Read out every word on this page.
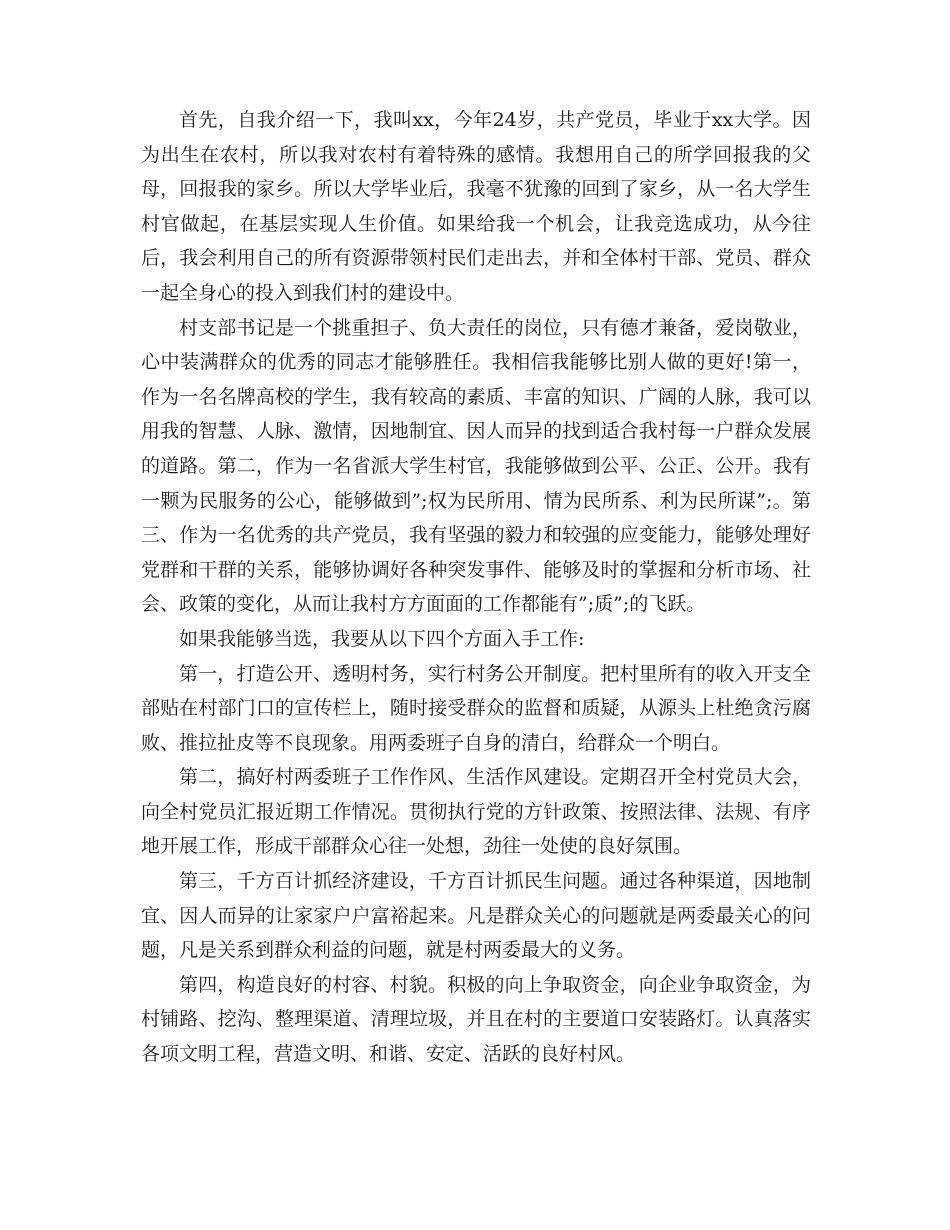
首先，自我介绍一下，我叫xx，今年24岁，共产党员，毕业于xx大学。因为出生在农村，所以我对农村有着特殊的感情。我想用自己的所学回报我的父母，回报我的家乡。所以大学毕业后，我毫不犹豫的回到了家乡，从一名大学生村官做起，在基层实现人生价值。如果给我一个机会，让我竞选成功，从今往后，我会利用自己的所有资源带领村民们走出去，并和全体村干部、党员、群众一起全身心的投入到我们村的建设中。

村支部书记是一个挑重担子、负大责任的岗位，只有德才兼备，爱岗敬业，心中装满群众的优秀的同志才能够胜任。我相信我能够比别人做的更好!第一，作为一名名牌高校的学生，我有较高的素质、丰富的知识、广阔的人脉，我可以用我的智慧、人脉、激情，因地制宜、因人而异的找到适合我村每一户群众发展的道路。第二，作为一名省派大学生村官，我能够做到公平、公正、公开。我有一颗为民服务的公心，能够做到”;权为民所用、情为民所系、利为民所谋”;。第三、作为一名优秀的共产党员，我有坚强的毅力和较强的应变能力，能够处理好党群和干群的关系，能够协调好各种突发事件、能够及时的掌握和分析市场、社会、政策的变化，从而让我村方方面面的工作都能有”;质”;的飞跃。

如果我能够当选，我要从以下四个方面入手工作:

第一，打造公开、透明村务，实行村务公开制度。把村里所有的收入开支全部贴在村部门口的宣传栏上，随时接受群众的监督和质疑，从源头上杜绝贪污腐败、推拉扯皮等不良现象。用两委班子自身的清白，给群众一个明白。

第二，搞好村两委班子工作作风、生活作风建设。定期召开全村党员大会，向全村党员汇报近期工作情况。贯彻执行党的方针政策、按照法律、法规、有序地开展工作，形成干部群众心往一处想，劲往一处使的良好氛围。

第三，千方百计抓经济建设，千方百计抓民生问题。通过各种渠道，因地制宜、因人而异的让家家户户富裕起来。凡是群众关心的问题就是两委最关心的问题，凡是关系到群众利益的问题，就是村两委最大的义务。

第四，构造良好的村容、村貌。积极的向上争取资金，向企业争取资金，为村铺路、挖沟、整理渠道、清理垃圾，并且在村的主要道口安装路灯。认真落实各项文明工程，营造文明、和谐、安定、活跃的良好村风。
